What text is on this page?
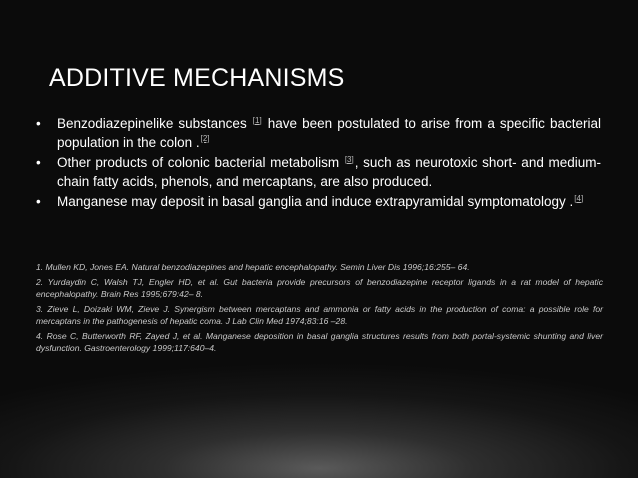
ADDITIVE MECHANISMS
• Benzodiazepinelike substances [1] have been postulated to arise from a specific bacterial population in the colon .[2]
• Other products of colonic bacterial metabolism [3], such as neurotoxic short- and medium-chain fatty acids, phenols, and mercaptans, are also produced.
• Manganese may deposit in basal ganglia and induce extrapyramidal symptomatology .[4]

1. Mullen KD, Jones EA. Natural benzodiazepines and hepatic encephalopathy. Semin Liver Dis 1996;16:255– 64.

2. Yurdaydin C, Walsh TJ, Engler HD, et al. Gut bacteria provide precursors of benzodiazepine receptor ligands in a rat model of hepatic encephalopathy. Brain Res 1995;679:42– 8.

3. Zieve L, Doizaki WM, Zieve J. Synergism between mercaptans and ammonia or fatty acids in the production of coma: a possible role for mercaptans in the pathogenesis of hepatic coma. J Lab Clin Med 1974;83:16 –28.

4. Rose C, Butterworth RF, Zayed J, et al. Manganese deposition in basal ganglia structures results from both portal-systemic shunting and liver dysfunction. Gastroenterology 1999;117:640–4.
